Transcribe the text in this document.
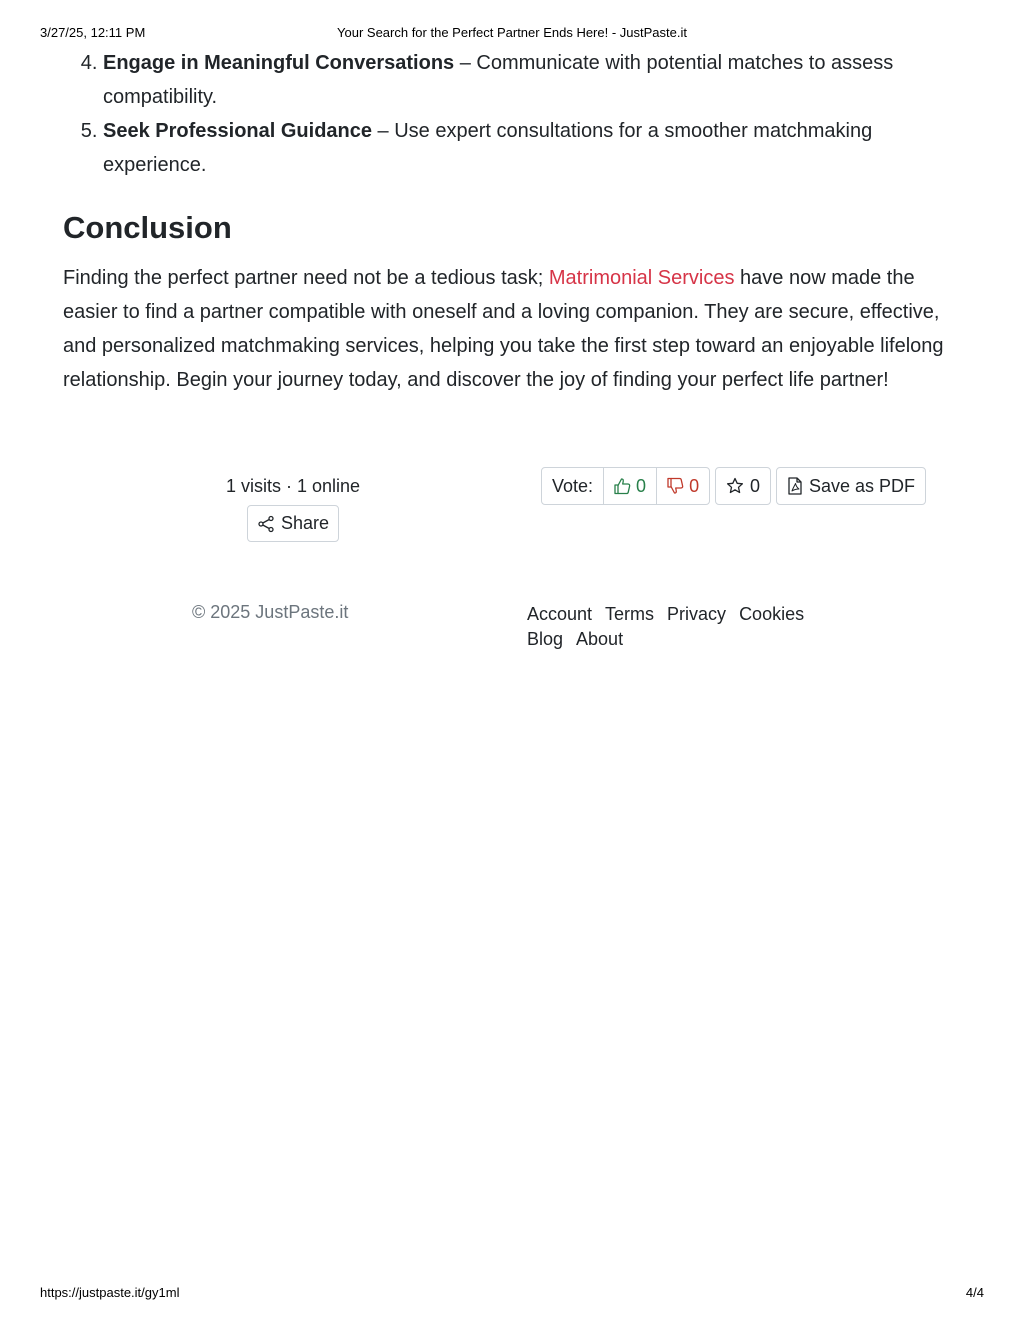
3/27/25, 12:11 PM	Your Search for the Perfect Partner Ends Here! - JustPaste.it
4. Engage in Meaningful Conversations – Communicate with potential matches to assess compatibility.
5. Seek Professional Guidance – Use expert consultations for a smoother matchmaking experience.
Conclusion

Finding the perfect partner need not be a tedious task; Matrimonial Services have now made the easier to find a partner compatible with oneself and a loving companion. They are secure, effective, and personalized matchmaking services, helping you take the first step toward an enjoyable lifelong relationship. Begin your journey today, and discover the joy of finding your perfect life partner!

1 visits · 1 online
Share
Vote: 0 0	0	Save as PDF
© 2025 JustPaste.it	Account Terms Privacy Cookies
Blog About
https://justpaste.it/gy1ml	4/4
